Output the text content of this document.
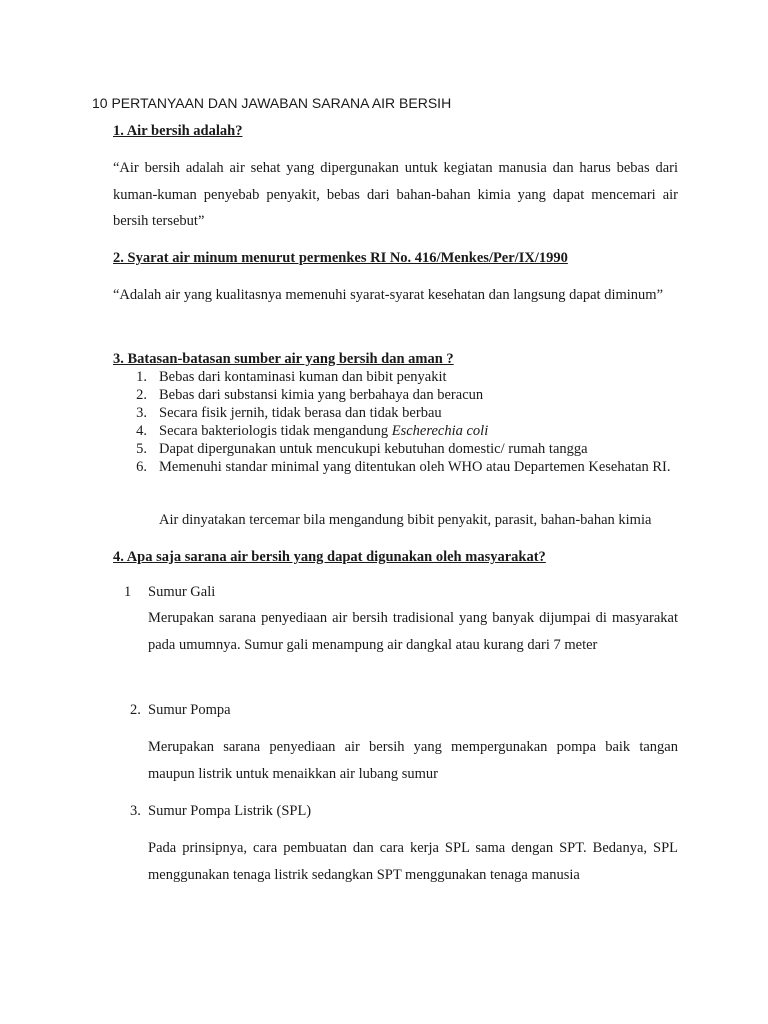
10 PERTANYAAN DAN JAWABAN SARANA AIR BERSIH
1. Air bersih adalah?
“Air bersih adalah air sehat yang dipergunakan untuk kegiatan manusia dan harus bebas dari kuman-kuman penyebab penyakit, bebas dari bahan-bahan kimia yang dapat mencemari air bersih tersebut”
2. Syarat air minum menurut permenkes RI No. 416/Menkes/Per/IX/1990
“Adalah air yang kualitasnya memenuhi syarat-syarat kesehatan dan langsung dapat diminum”
3. Batasan-batasan sumber air yang bersih dan aman ?
1. Bebas dari kontaminasi kuman dan bibit penyakit
2. Bebas dari substansi kimia yang berbahaya dan beracun
3. Secara fisik jernih, tidak berasa dan tidak berbau
4. Secara bakteriologis tidak mengandung Escherechia coli
5. Dapat dipergunakan untuk mencukupi kebutuhan domestic/ rumah tangga
6. Memenuhi standar minimal yang ditentukan oleh WHO atau Departemen Kesehatan RI.
Air dinyatakan tercemar bila mengandung bibit penyakit, parasit, bahan-bahan kimia
4. Apa saja sarana air bersih yang dapat digunakan oleh masyarakat?
1 Sumur Gali
Merupakan sarana penyediaan air bersih tradisional yang banyak dijumpai di masyarakat pada umumnya. Sumur gali menampung air dangkal atau kurang dari 7 meter
2. Sumur Pompa
Merupakan sarana penyediaan air bersih yang mempergunakan pompa baik tangan maupun listrik untuk menaikkan air lubang sumur
3. Sumur Pompa Listrik (SPL)
Pada prinsipnya, cara pembuatan dan cara kerja SPL sama dengan SPT. Bedanya, SPL menggunakan tenaga listrik sedangkan SPT menggunakan tenaga manusia
